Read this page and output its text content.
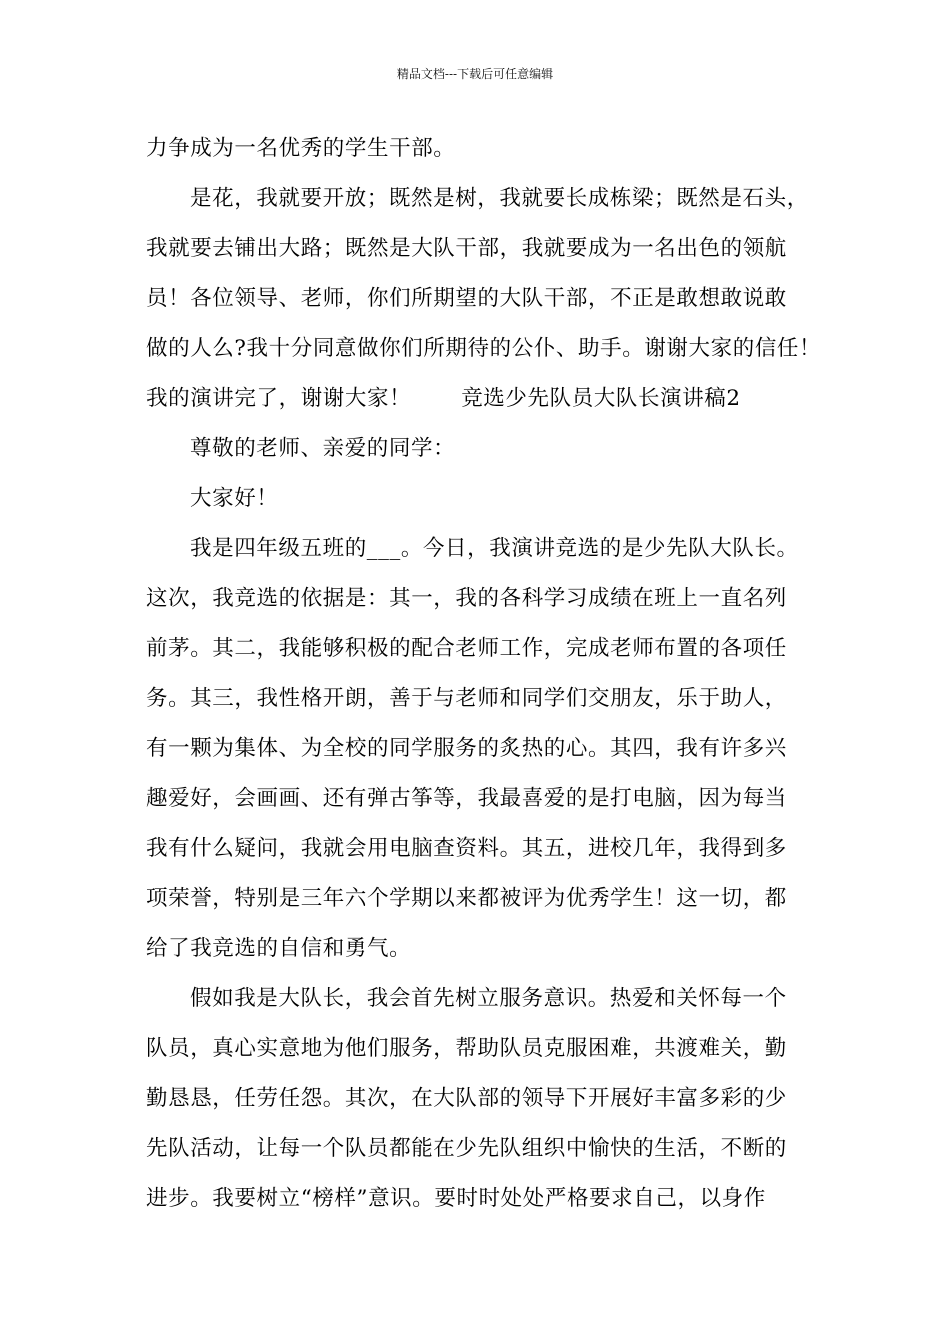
精品文档---下载后可任意编辑
力争成为一名优秀的学生干部。
是花，我就要开放；既然是树，我就要长成栋梁；既然是石头，
我就要去铺出大路；既然是大队干部，我就要成为一名出色的领航
员！各位领导、老师，你们所期望的大队干部，不正是敢想敢说敢
做的人么?我十分同意做你们所期待的公仆、助手。谢谢大家的信任！
我的演讲完了，谢谢大家！ 竞选少先队员大队长演讲稿2
尊敬的老师、亲爱的同学：
大家好！
我是四年级五班的___。今日，我演讲竞选的是少先队大队长。
这次，我竞选的依据是：其一，我的各科学习成绩在班上一直名列
前茅。其二，我能够积极的配合老师工作，完成老师布置的各项任
务。其三，我性格开朗，善于与老师和同学们交朋友，乐于助人，
有一颗为集体、为全校的同学服务的炙热的心。其四，我有许多兴
趣爱好，会画画、还有弹古筝等，我最喜爱的是打电脑，因为每当
我有什么疑问，我就会用电脑查资料。其五，进校几年，我得到多
项荣誉，特别是三年六个学期以来都被评为优秀学生！这一切，都
给了我竞选的自信和勇气。
假如我是大队长，我会首先树立服务意识。热爱和关怀每一个
队员，真心实意地为他们服务，帮助队员克服困难，共渡难关，勤
勤恳恳，任劳任怨。其次，在大队部的领导下开展好丰富多彩的少
先队活动，让每一个队员都能在少先队组织中愉快的生活，不断的
进步。我要树立“榜样”意识。要时时处处严格要求自己，以身作
